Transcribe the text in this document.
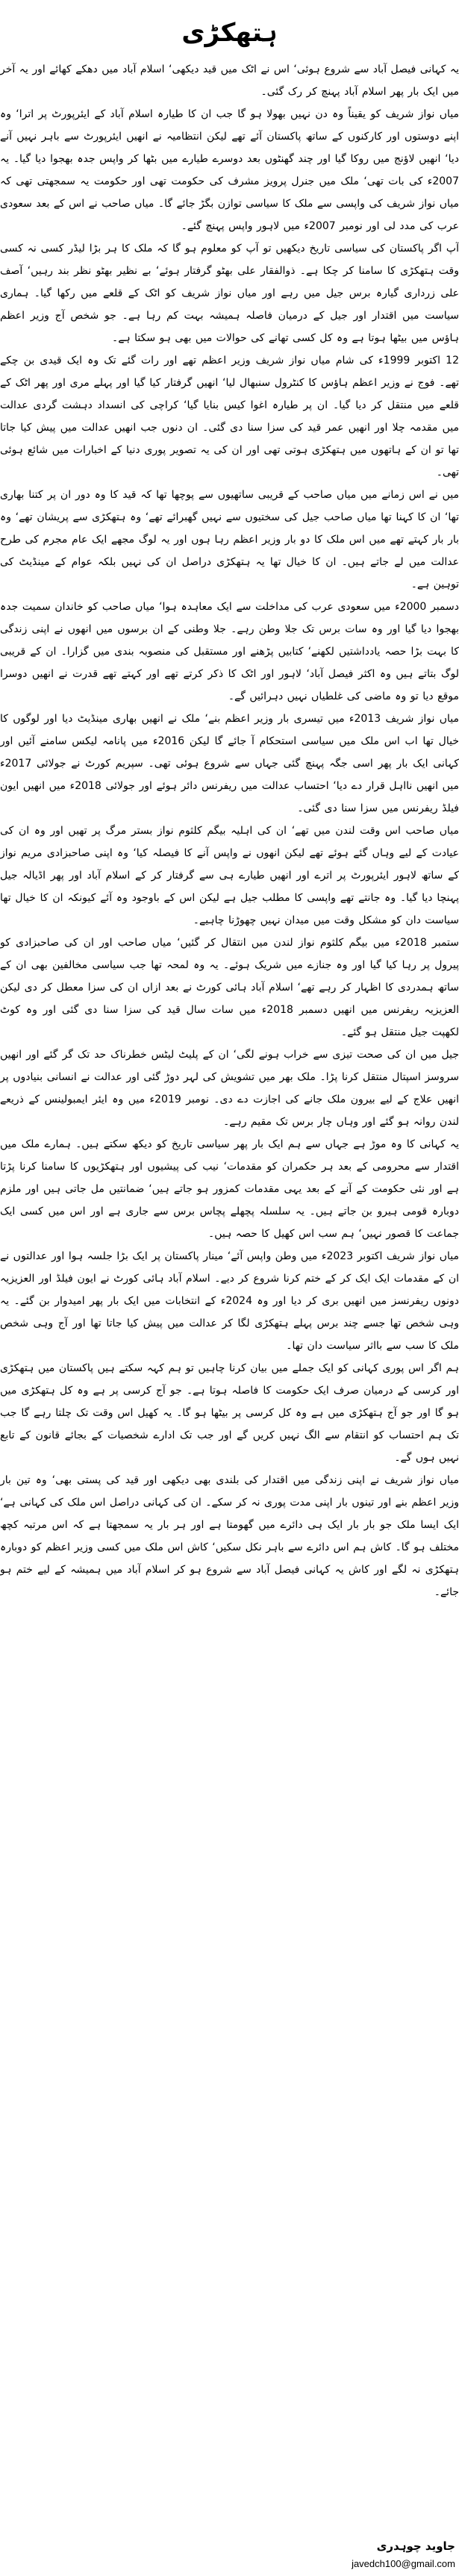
ہتھکڑی

یہ کہانی فیصل آباد سے شروع ہوئی‘ اس نے اٹک میں قید دیکھی‘ اسلام آباد میں دھکے کھائے اور یہ آخر میں ایک بار پھر اسلام آباد پہنچ کر رک گئی۔

میاں نواز شریف کو یقیناً وہ دن نہیں بھولا ہو گا جب ان کا طیارہ اسلام آباد کے ایئرپورٹ پر اترا‘ وہ اپنے دوستوں اور کارکنوں کے ساتھ پاکستان آئے تھے لیکن انتظامیہ نے انھیں ایئرپورٹ سے باہر نہیں آنے دیا‘ انھیں لاؤنج میں روکا گیا اور چند گھنٹوں بعد دوسرے طیارے میں بٹھا کر واپس جدہ بھجوا دیا گیا۔ یہ 2007ء کی بات تھی‘ ملک میں جنرل پرویز مشرف کی حکومت تھی اور حکومت یہ سمجھتی تھی کہ میاں نواز شریف کی واپسی سے ملک کا سیاسی توازن بگڑ جائے گا۔ میاں صاحب نے اس کے بعد سعودی عرب کی مدد لی اور نومبر 2007ء میں لاہور واپس پہنچ گئے۔

آپ اگر پاکستان کی سیاسی تاریخ دیکھیں تو آپ کو معلوم ہو گا کہ ملک کا ہر بڑا لیڈر کسی نہ کسی وقت ہتھکڑی کا سامنا کر چکا ہے۔ ذوالفقار علی بھٹو گرفتار ہوئے‘ بے نظیر بھٹو نظر بند رہیں‘ آصف علی زرداری گیارہ برس جیل میں رہے اور میاں نواز شریف کو اٹک کے قلعے میں رکھا گیا۔ ہماری سیاست میں اقتدار اور جیل کے درمیان فاصلہ ہمیشہ بہت کم رہا ہے۔ جو شخص آج وزیر اعظم ہاؤس میں بیٹھا ہوتا ہے وہ کل کسی تھانے کی حوالات میں بھی ہو سکتا ہے۔

12 اکتوبر 1999ء کی شام میاں نواز شریف وزیر اعظم تھے اور رات گئے تک وہ ایک قیدی بن چکے تھے۔ فوج نے وزیر اعظم ہاؤس کا کنٹرول سنبھال لیا‘ انھیں گرفتار کیا گیا اور پہلے مری اور پھر اٹک کے قلعے میں منتقل کر دیا گیا۔ ان پر طیارہ اغوا کیس بنایا گیا‘ کراچی کی انسداد دہشت گردی عدالت میں مقدمہ چلا اور انھیں عمر قید کی سزا سنا دی گئی۔ ان دنوں جب انھیں عدالت میں پیش کیا جاتا تھا تو ان کے ہاتھوں میں ہتھکڑی ہوتی تھی اور ان کی یہ تصویر پوری دنیا کے اخبارات میں شائع ہوئی تھی۔

میں نے اس زمانے میں میاں صاحب کے قریبی ساتھیوں سے پوچھا تھا کہ قید کا وہ دور ان پر کتنا بھاری تھا‘ ان کا کہنا تھا میاں صاحب جیل کی سختیوں سے نہیں گھبرائے تھے‘ وہ ہتھکڑی سے پریشان تھے‘ وہ بار بار کہتے تھے میں اس ملک کا دو بار وزیر اعظم رہا ہوں اور یہ لوگ مجھے ایک عام مجرم کی طرح عدالت میں لے جاتے ہیں۔ ان کا خیال تھا یہ ہتھکڑی دراصل ان کی نہیں بلکہ عوام کے مینڈیٹ کی توہین ہے۔

دسمبر 2000ء میں سعودی عرب کی مداخلت سے ایک معاہدہ ہوا‘ میاں صاحب کو خاندان سمیت جدہ بھجوا دیا گیا اور وہ سات برس تک جلا وطن رہے۔ جلا وطنی کے ان برسوں میں انھوں نے اپنی زندگی کا بہت بڑا حصہ یادداشتیں لکھنے‘ کتابیں پڑھنے اور مستقبل کی منصوبہ بندی میں گزارا۔ ان کے قریبی لوگ بتاتے ہیں وہ اکثر فیصل آباد‘ لاہور اور اٹک کا ذکر کرتے تھے اور کہتے تھے قدرت نے انھیں دوسرا موقع دیا تو وہ ماضی کی غلطیاں نہیں دہرائیں گے۔

میاں نواز شریف 2013ء میں تیسری بار وزیر اعظم بنے‘ ملک نے انھیں بھاری مینڈیٹ دیا اور لوگوں کا خیال تھا اب اس ملک میں سیاسی استحکام آ جائے گا لیکن 2016ء میں پانامہ لیکس سامنے آئیں اور کہانی ایک بار پھر اسی جگہ پہنچ گئی جہاں سے شروع ہوئی تھی۔ سپریم کورٹ نے جولائی 2017ء میں انھیں نااہل قرار دے دیا‘ احتساب عدالت میں ریفرنس دائر ہوئے اور جولائی 2018ء میں انھیں ایون فیلڈ ریفرنس میں سزا سنا دی گئی۔

میاں صاحب اس وقت لندن میں تھے‘ ان کی اہلیہ بیگم کلثوم نواز بستر مرگ پر تھیں اور وہ ان کی عیادت کے لیے وہاں گئے ہوئے تھے لیکن انھوں نے واپس آنے کا فیصلہ کیا‘ وہ اپنی صاحبزادی مریم نواز کے ساتھ لاہور ایئرپورٹ پر اترے اور انھیں طیارے ہی سے گرفتار کر کے اسلام آباد اور پھر اڈیالہ جیل پہنچا دیا گیا۔ وہ جانتے تھے واپسی کا مطلب جیل ہے لیکن اس کے باوجود وہ آئے کیونکہ ان کا خیال تھا سیاست دان کو مشکل وقت میں میدان نہیں چھوڑنا چاہیے۔

ستمبر 2018ء میں بیگم کلثوم نواز لندن میں انتقال کر گئیں‘ میاں صاحب اور ان کی صاحبزادی کو پیرول پر رہا کیا گیا اور وہ جنازے میں شریک ہوئے۔ یہ وہ لمحہ تھا جب سیاسی مخالفین بھی ان کے ساتھ ہمدردی کا اظہار کر رہے تھے‘ اسلام آباد ہائی کورٹ نے بعد ازاں ان کی سزا معطل کر دی لیکن العزیزیہ ریفرنس میں انھیں دسمبر 2018ء میں سات سال قید کی سزا سنا دی گئی اور وہ کوٹ لکھپت جیل منتقل ہو گئے۔

جیل میں ان کی صحت تیزی سے خراب ہونے لگی‘ ان کے پلیٹ لیٹس خطرناک حد تک گر گئے اور انھیں سروسز اسپتال منتقل کرنا پڑا۔ ملک بھر میں تشویش کی لہر دوڑ گئی اور عدالت نے انسانی بنیادوں پر انھیں علاج کے لیے بیرون ملک جانے کی اجازت دے دی۔ نومبر 2019ء میں وہ ایئر ایمبولینس کے ذریعے لندن روانہ ہو گئے اور وہاں چار برس تک مقیم رہے۔

یہ کہانی کا وہ موڑ ہے جہاں سے ہم ایک بار پھر سیاسی تاریخ کو دیکھ سکتے ہیں۔ ہمارے ملک میں اقتدار سے محرومی کے بعد ہر حکمران کو مقدمات‘ نیب کی پیشیوں اور ہتھکڑیوں کا سامنا کرنا پڑتا ہے اور نئی حکومت کے آنے کے بعد یہی مقدمات کمزور ہو جاتے ہیں‘ ضمانتیں مل جاتی ہیں اور ملزم دوبارہ قومی ہیرو بن جاتے ہیں۔ یہ سلسلہ پچھلے پچاس برس سے جاری ہے اور اس میں کسی ایک جماعت کا قصور نہیں‘ ہم سب اس کھیل کا حصہ ہیں۔

میاں نواز شریف اکتوبر 2023ء میں وطن واپس آئے‘ مینار پاکستان پر ایک بڑا جلسہ ہوا اور عدالتوں نے ان کے مقدمات ایک ایک کر کے ختم کرنا شروع کر دیے۔ اسلام آباد ہائی کورٹ نے ایون فیلڈ اور العزیزیہ دونوں ریفرنسز میں انھیں بری کر دیا اور وہ 2024ء کے انتخابات میں ایک بار پھر امیدوار بن گئے۔ یہ وہی شخص تھا جسے چند برس پہلے ہتھکڑی لگا کر عدالت میں پیش کیا جاتا تھا اور آج وہی شخص ملک کا سب سے بااثر سیاست دان تھا۔

ہم اگر اس پوری کہانی کو ایک جملے میں بیان کرنا چاہیں تو ہم کہہ سکتے ہیں پاکستان میں ہتھکڑی اور کرسی کے درمیان صرف ایک حکومت کا فاصلہ ہوتا ہے۔ جو آج کرسی پر ہے وہ کل ہتھکڑی میں ہو گا اور جو آج ہتھکڑی میں ہے وہ کل کرسی پر بیٹھا ہو گا۔ یہ کھیل اس وقت تک چلتا رہے گا جب تک ہم احتساب کو انتقام سے الگ نہیں کریں گے اور جب تک ادارے شخصیات کے بجائے قانون کے تابع نہیں ہوں گے۔

میاں نواز شریف نے اپنی زندگی میں اقتدار کی بلندی بھی دیکھی اور قید کی پستی بھی‘ وہ تین بار وزیر اعظم بنے اور تینوں بار اپنی مدت پوری نہ کر سکے۔ ان کی کہانی دراصل اس ملک کی کہانی ہے‘ ایک ایسا ملک جو بار بار ایک ہی دائرے میں گھومتا ہے اور ہر بار یہ سمجھتا ہے کہ اس مرتبہ کچھ مختلف ہو گا۔ کاش ہم اس دائرے سے باہر نکل سکیں‘ کاش اس ملک میں کسی وزیر اعظم کو دوبارہ ہتھکڑی نہ لگے اور کاش یہ کہانی فیصل آباد سے شروع ہو کر اسلام آباد میں ہمیشہ کے لیے ختم ہو جائے۔

جاوید چوہدری
javedch100@gmail.com
